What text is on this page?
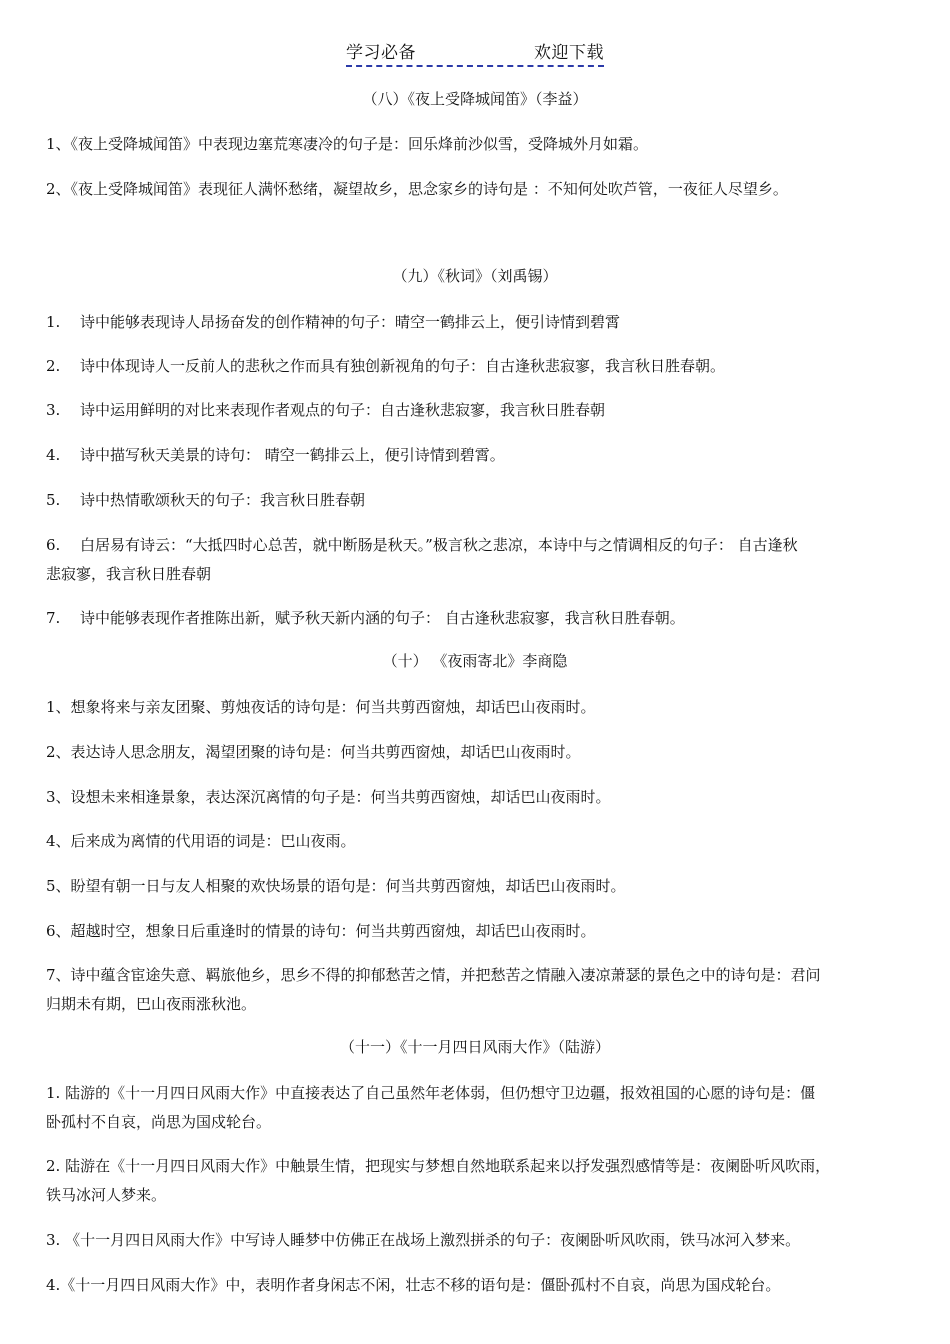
学习必备	欢迎下载
（八）《夜上受降城闻笛》（李益）
1、《夜上受降城闻笛》中表现边塞荒寒凄冷的句子是：回乐烽前沙似雪，受降城外月如霜。
2、《夜上受降城闻笛》表现征人满怀愁绪，凝望故乡，思念家乡的诗句是 ：不知何处吹芦管，一夜征人尽望乡。
（九）《秋词》（刘禹锡）
1. 诗中能够表现诗人昂扬奋发的创作精神的句子：晴空一鹤排云上，便引诗情到碧霄
2. 诗中体现诗人一反前人的悲秋之作而具有独创新视角的句子：自古逢秋悲寂寥，我言秋日胜春朝。
3. 诗中运用鲜明的对比来表现作者观点的句子：自古逢秋悲寂寥，我言秋日胜春朝
4. 诗中描写秋天美景的诗句： 晴空一鹤排云上，便引诗情到碧霄。
5. 诗中热情歌颂秋天的句子：我言秋日胜春朝
6. 白居易有诗云：“大抵四时心总苦，就中断肠是秋天。”极言秋之悲凉，本诗中与之情调相反的句子： 自古逢秋
悲寂寥，我言秋日胜春朝
7. 诗中能够表现作者推陈出新，赋予秋天新内涵的句子： 自古逢秋悲寂寥，我言秋日胜春朝。
（十） 《夜雨寄北》李商隐
1、想象将来与亲友团聚、剪烛夜话的诗句是：何当共剪西窗烛，却话巴山夜雨时。
2、表达诗人思念朋友，渴望团聚的诗句是：何当共剪西窗烛，却话巴山夜雨时。
3、设想未来相逢景象，表达深沉离情的句子是：何当共剪西窗烛，却话巴山夜雨时。
4、后来成为离情的代用语的词是：巴山夜雨。
5、盼望有朝一日与友人相聚的欢快场景的语句是：何当共剪西窗烛，却话巴山夜雨时。
6、超越时空，想象日后重逢时的情景的诗句：何当共剪西窗烛，却话巴山夜雨时。
7、诗中蕴含宦途失意、羁旅他乡，思乡不得的抑郁愁苦之情，并把愁苦之情融入凄凉萧瑟的景色之中的诗句是：君问
归期未有期，巴山夜雨涨秋池。
（十一）《十一月四日风雨大作》（陆游）
1. 陆游的《十一月四日风雨大作》中直接表达了自己虽然年老体弱，但仍想守卫边疆，报效祖国的心愿的诗句是：僵
卧孤村不自哀，尚思为国戍轮台。
2. 陆游在《十一月四日风雨大作》中触景生情，把现实与梦想自然地联系起来以抒发强烈感情等是：夜阑卧听风吹雨，
铁马冰河人梦来。
3. 《十一月四日风雨大作》中写诗人睡梦中仿佛正在战场上激烈拼杀的句子：夜阑卧听风吹雨，铁马冰河入梦来。
4.《十一月四日风雨大作》中，表明作者身闲志不闲，壮志不移的语句是：僵卧孤村不自哀，尚思为国戍轮台。
